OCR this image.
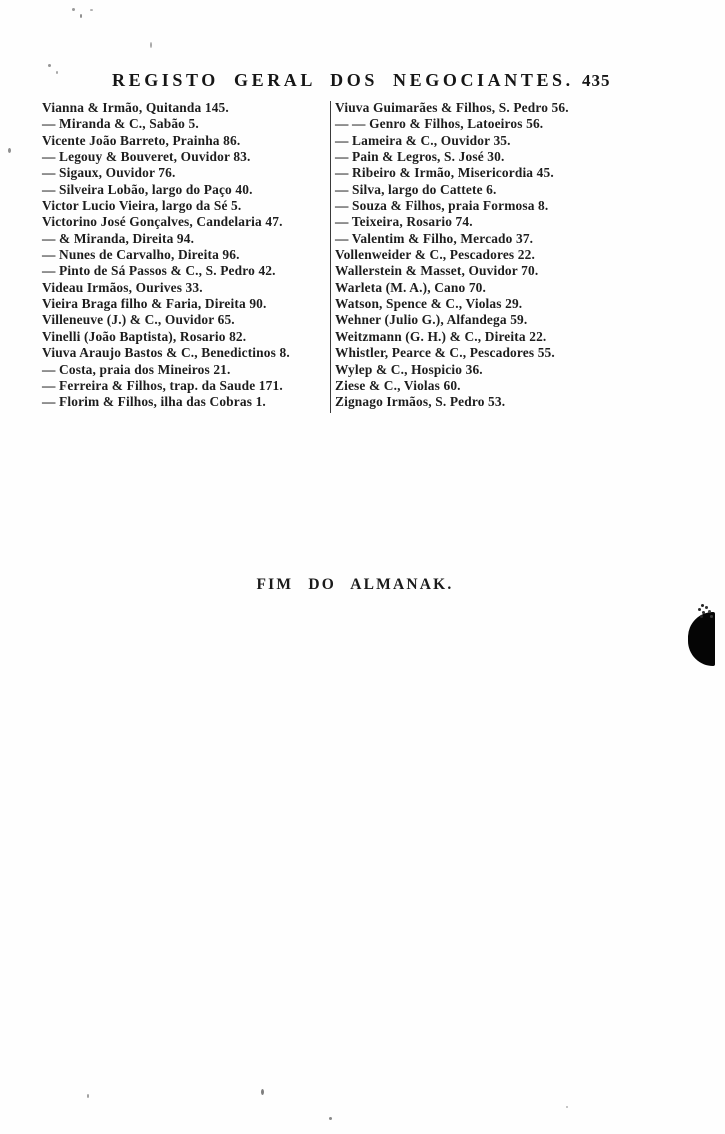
REGISTO GERAL DOS NEGOCIANTES. 435
Vianna & Irmão, Quitanda 145.
— Miranda & C., Sabão 5.
Vicente João Barreto, Prainha 86.
— Legouy & Bouveret, Ouvidor 83.
— Sigaux, Ouvidor 76.
— Silveira Lobão, largo do Paço 40.
Victor Lucio Vieira, largo da Sé 5.
Victorino José Gonçalves, Candelaria 47.
— & Miranda, Direita 94.
— Nunes de Carvalho, Direita 96.
— Pinto de Sá Passos & C., S. Pedro 42.
Videau Irmãos, Ourives 33.
Vieira Braga filho & Faria, Direita 90.
Villeneuve (J.) & C., Ouvidor 65.
Vinelli (João Baptista), Rosario 82.
Viuva Araujo Bastos & C., Benedictinos 8.
— Costa, praia dos Mineiros 21.
— Ferreira & Filhos, trap. da Saude 171.
— Florim & Filhos, ilha das Cobras 1.
Viuva Guimarães & Filhos, S. Pedro 56.
— — Genro & Filhos, Latoeiros 56.
— Lameira & C., Ouvidor 35.
— Pain & Legros, S. José 30.
— Ribeiro & Irmão, Misericordia 45.
— Silva, largo do Cattete 6.
— Souza & Filhos, praia Formosa 8.
— Teixeira, Rosario 74.
— Valentim & Filho, Mercado 37.
Vollenweider & C., Pescadores 22.
Wallerstein & Masset, Ouvidor 70.
Warleta (M. A.), Cano 70.
Watson, Spence & C., Violas 29.
Wehner (Julio G.), Alfandega 59.
Weitzmann (G. H.) & C., Direita 22.
Whistler, Pearce & C., Pescadores 55.
Wylep & C., Hospicio 36.
Ziese & C., Violas 60.
Zignago Irmãos, S. Pedro 53.
FIM DO ALMANAK.
